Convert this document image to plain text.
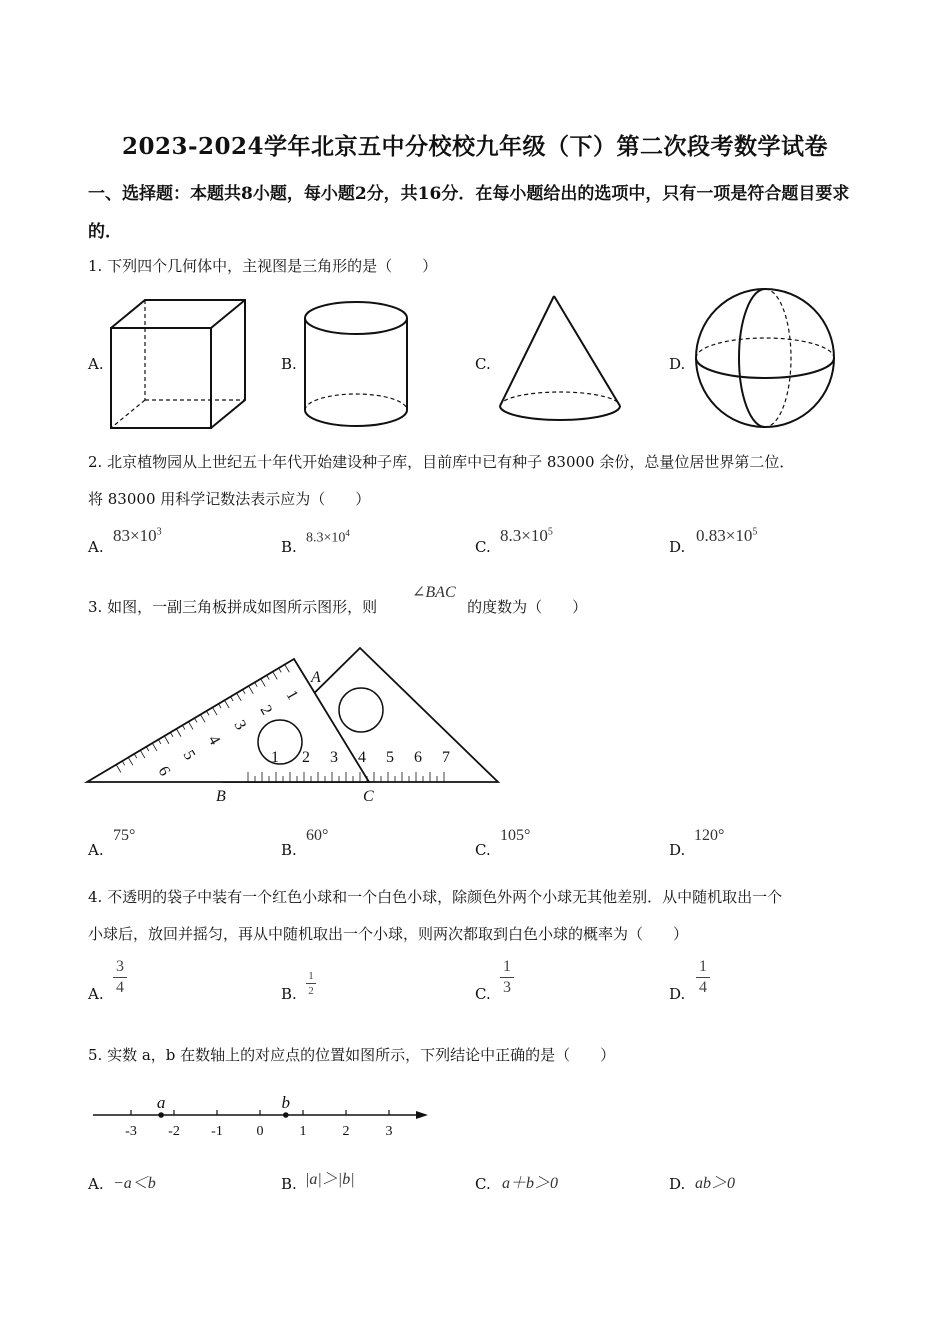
2023-2024学年北京五中分校校九年级（下）第二次段考数学试卷
一、选择题：本题共8小题，每小题2分，共16分．在每小题给出的选项中，只有一项是符合题目要求的．
1. 下列四个几何体中，主视图是三角形的是（　　）
A.	B.	C.	D.
2. 北京植物园从上世纪五十年代开始建设种子库，目前库中已有种子 83000 余份，总量位居世界第二位．
将 83000 用科学记数法表示应为（　　）
A.
$83\times 10^3$
B. $8.3\times 10^4$
C.
$8.3\times 10^5$
D.
$0.83\times 10^5$
3. 如图，一副三角板拼成如图所示图形，则	的度数为（　　）
∠BAC
1
2
3
4
5
6
1 2 3 4 5 6 7
A
B	C
A.
75°
B.
60°
C.
105°
D.
120°
4. 不透明的袋子中装有一个红色小球和一个白色小球，除颜色外两个小球无其他差别．从中随机取出一个
小球后，放回并摇匀，再从中随机取出一个小球，则两次都取到白色小球的概率为（　　）
A.
3
4	B.
1
2	C.
1
3	D.
1
4
5. 实数 a，b 在数轴上的对应点的位置如图所示，下列结论中正确的是（　　）
-3 -2 -1 0	1	2	3
a	b
A. −a＜b	B. |a|＞|b|	C. a＋b＞0	D. ab＞0
